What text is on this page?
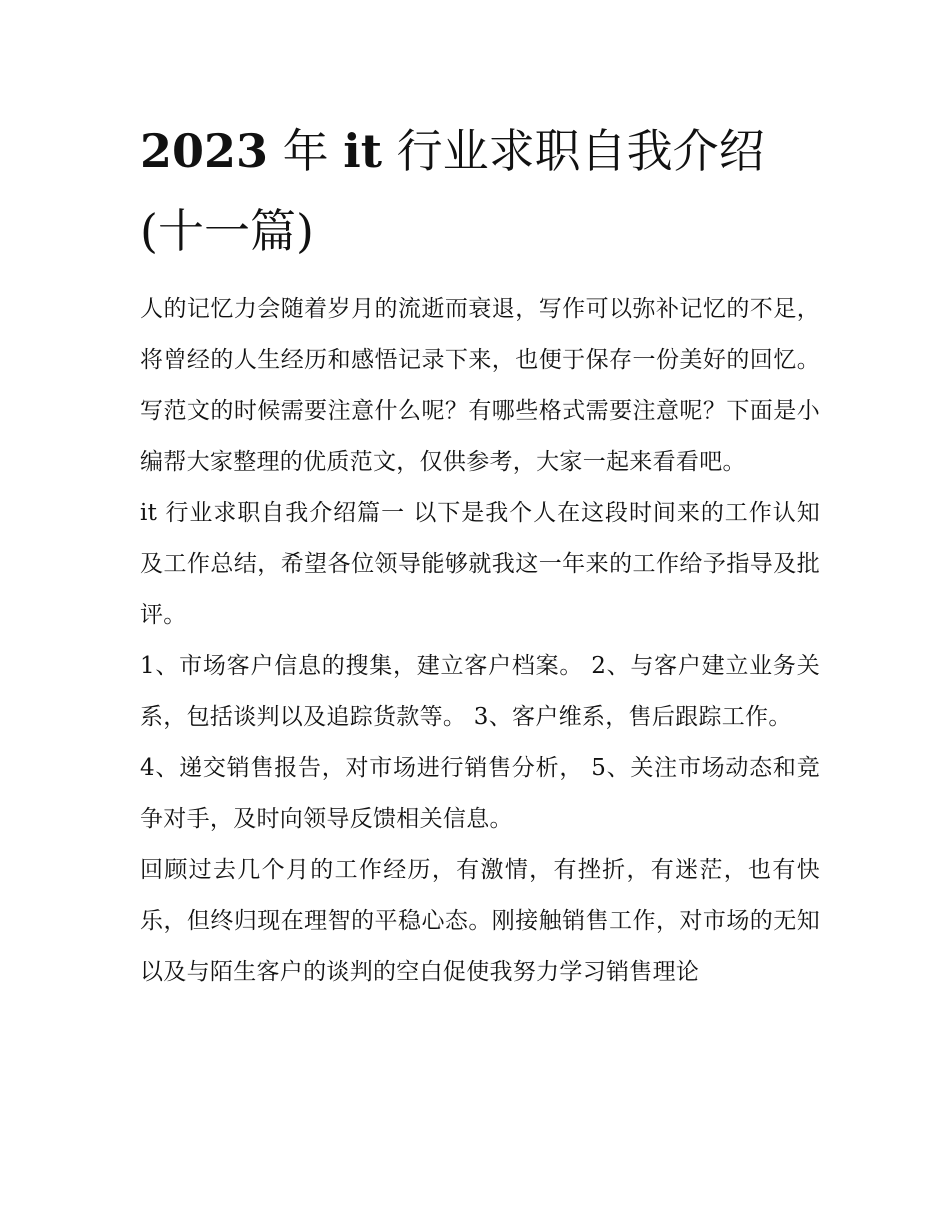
2023 年 it 行业求职自我介绍
(十一篇)

人的记忆力会随着岁月的流逝而衰退，写作可以弥补记忆的不足，将曾经的人生经历和感悟记录下来，也便于保存一份美好的回忆。写范文的时候需要注意什么呢？有哪些格式需要注意呢？下面是小编帮大家整理的优质范文，仅供参考，大家一起来看看吧。

it 行业求职自我介绍篇一 以下是我个人在这段时间来的工作认知及工作总结，希望各位领导能够就我这一年来的工作给予指导及批评。

1、市场客户信息的搜集，建立客户档案。 2、与客户建立业务关系，包括谈判以及追踪货款等。 3、客户维系，售后跟踪工作。

4、递交销售报告，对市场进行销售分析， 5、关注市场动态和竞争对手，及时向领导反馈相关信息。

回顾过去几个月的工作经历，有激情，有挫折，有迷茫，也有快乐，但终归现在理智的平稳心态。刚接触销售工作，对市场的无知以及与陌生客户的谈判的空白促使我努力学习销售理论
